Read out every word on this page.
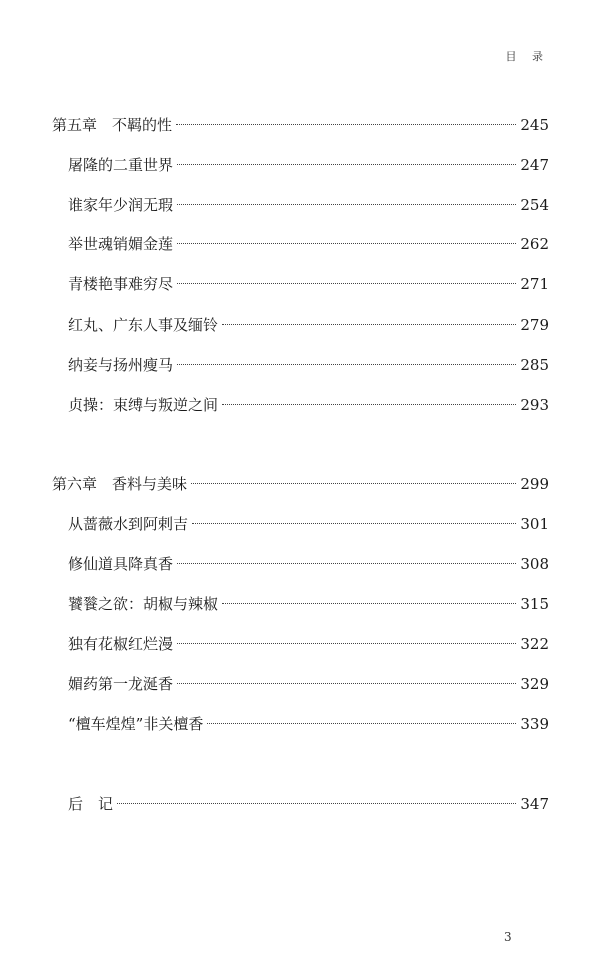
目 录
第五章　不羁的性	245
屠隆的二重世界	247
谁家年少润无瑕	254
举世魂销媚金莲	262
青楼艳事难穷尽	271
红丸、广东人事及缅铃	279
纳妾与扬州瘦马	285
贞操：束缚与叛逆之间	293
第六章　香料与美味	299
从蔷薇水到阿剌吉	301
修仙道具降真香	308
饕餮之欲：胡椒与辣椒	315
独有花椒红烂漫	322
媚药第一龙涎香	329
“檀车煌煌”非关檀香	339
后　记	347
3
